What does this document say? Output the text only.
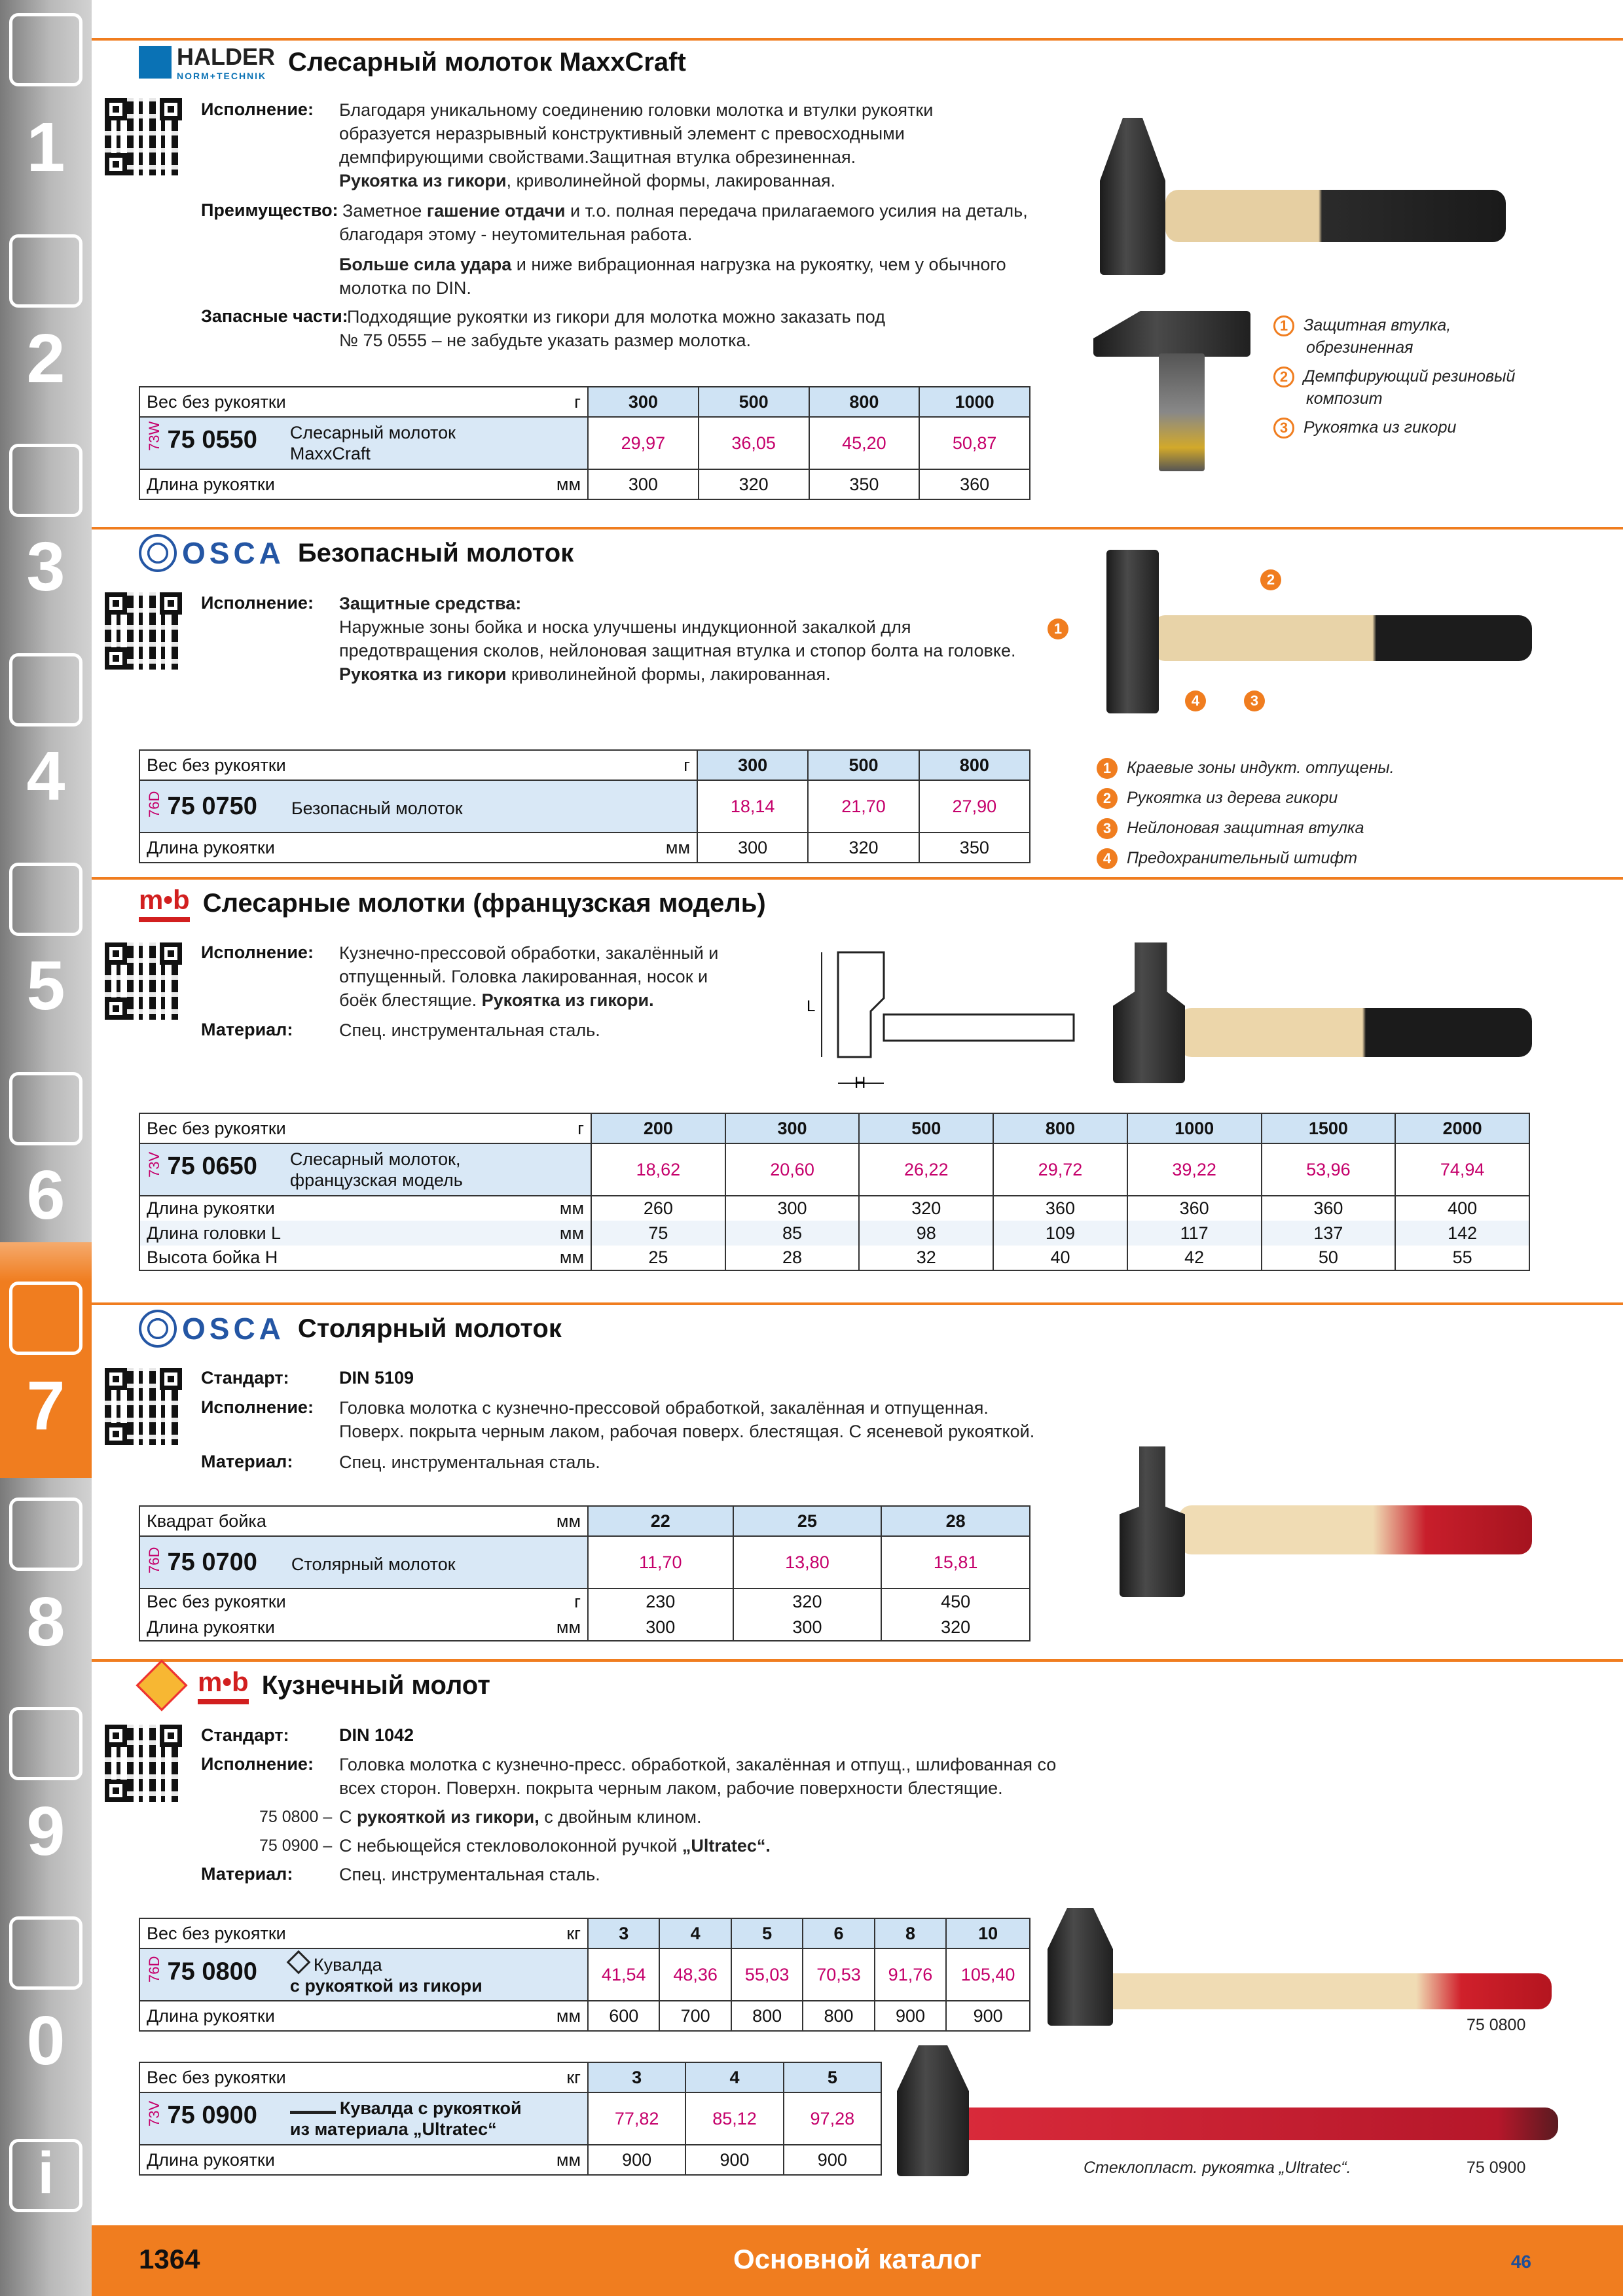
1
2
3
4
5
6
7
8
9
0
i
HALDER
NORM+TECHNIK Слесарный молоток MaxxCraft
Исполнение: Благодаря уникальному соединению головки молотка и втулки рукоятки
образуется неразрывный конструктивный элемент с превосходными
демпфирующими свойствами.Защитная втулка обрезиненная.
Рукоятка из гикори, криволинейной формы, лакированная.
Преимущество: Заметное гашение отдачи и т.о. полная передача прилагаемого усилия на деталь,
благодаря этому - неутомительная работа.
Больше сила удара и ниже вибрационная нагрузка на рукоятку, чем у обычного
молотка по DIN.
Запасные части:
Подходящие рукоятки из гикори для молотка можно заказать под
№ 75 0555 – не забудьте указать размер молотка.
1 Защитная втулка,
обрезиненная
2 Демпфирующий резиновый
композит
3 Рукоятка из гикори
Вес без рукоятки г	300	500	800	1000
73W 75 0550 Слесарный молоток
MaxxCraft	29,97	36,05	45,20	50,87
Длина рукоятки мм	300	320	350	360
OSCA Безопасный молоток
Исполнение: Защитные средства:
Наружные зоны бойка и носка улучшены индукционной закалкой для
предотвращения сколов, нейлоновая защитная втулка и стопор болта на головке.
Рукоятка из гикори криволинейной формы, лакированная.
1
2
3
4
1 Краевые зоны индукт. отпущены.
2 Рукоятка из дерева гикори
3 Нейлоновая защитная втулка
4 Предохранительный штифт
Вес без рукоятки г	300	500	800
76D 75 0750 Безопасный молоток	18,14	21,70	27,90
Длина рукоятки мм	300	320	350
m•b Слесарные молотки (французская модель)
Исполнение: Кузнечно-прессовой обработки, закалённый и
отпущенный. Головка лакированная, носок и
боёк блестящие. Рукоятка из гикори.
Материал:	Спец. инструментальная сталь.
L
H
Вес без рукоятки г	200	300	500	800	1000	1500	2000
73V 75 0650 Слесарный молоток,
французская модель	18,62	20,60	26,22	29,72	39,22	53,96	74,94
Длина рукоятки мм	260	300	320	360	360	360	400
Длина головки L мм	75	85	98	109	117	137	142
Высота бойка H мм	25	28	32	40	42	50	55
OSCA Столярный молоток
Стандарт:	DIN 5109
Исполнение: Головка молотка с кузнечно-прессовой обработкой, закалённая и отпущенная.
Поверх. покрыта черным лаком, рабочая поверх. блестящая. С ясеневой рукояткой.
Материал:	Спец. инструментальная сталь.
Квадрат бойка мм	22	25	28
76D 75 0700 Столярный молоток	11,70	13,80	15,81
Вес без рукоятки г	230	320	450
Длина рукоятки мм	300	300	320
m•b Кузнечный молот
Стандарт:	DIN 1042
Исполнение: Головка молотка с кузнечно-пресс. обработкой, закалённая и отпущ., шлифованная со
всех сторон. Поверхн. покрыта черным лаком, рабочие поверхности блестящие.
75 0800 – С рукояткой из гикори, с двойным клином.
75 0900 – С небьющейся стекловолоконной ручкой „Ultratec“.
Материал:	Спец. инструментальная сталь.
Вес без рукоятки кг	3	4	5	6	8	10
76D 75 0800 Кувалда
с рукояткой из гикори	41,54	48,36	55,03	70,53	91,76	105,40
Длина рукоятки мм	600	700	800	800	900	900
Вес без рукоятки кг	3	4	5
73V 75 0900 Кувалда с рукояткой
из материала „Ultratec“	77,82	85,12	97,28
Длина рукоятки мм	900	900	900
75 0800
Стеклопласт. рукоятка „Ultratec“.	75 0900
1364	Основной каталог	46
